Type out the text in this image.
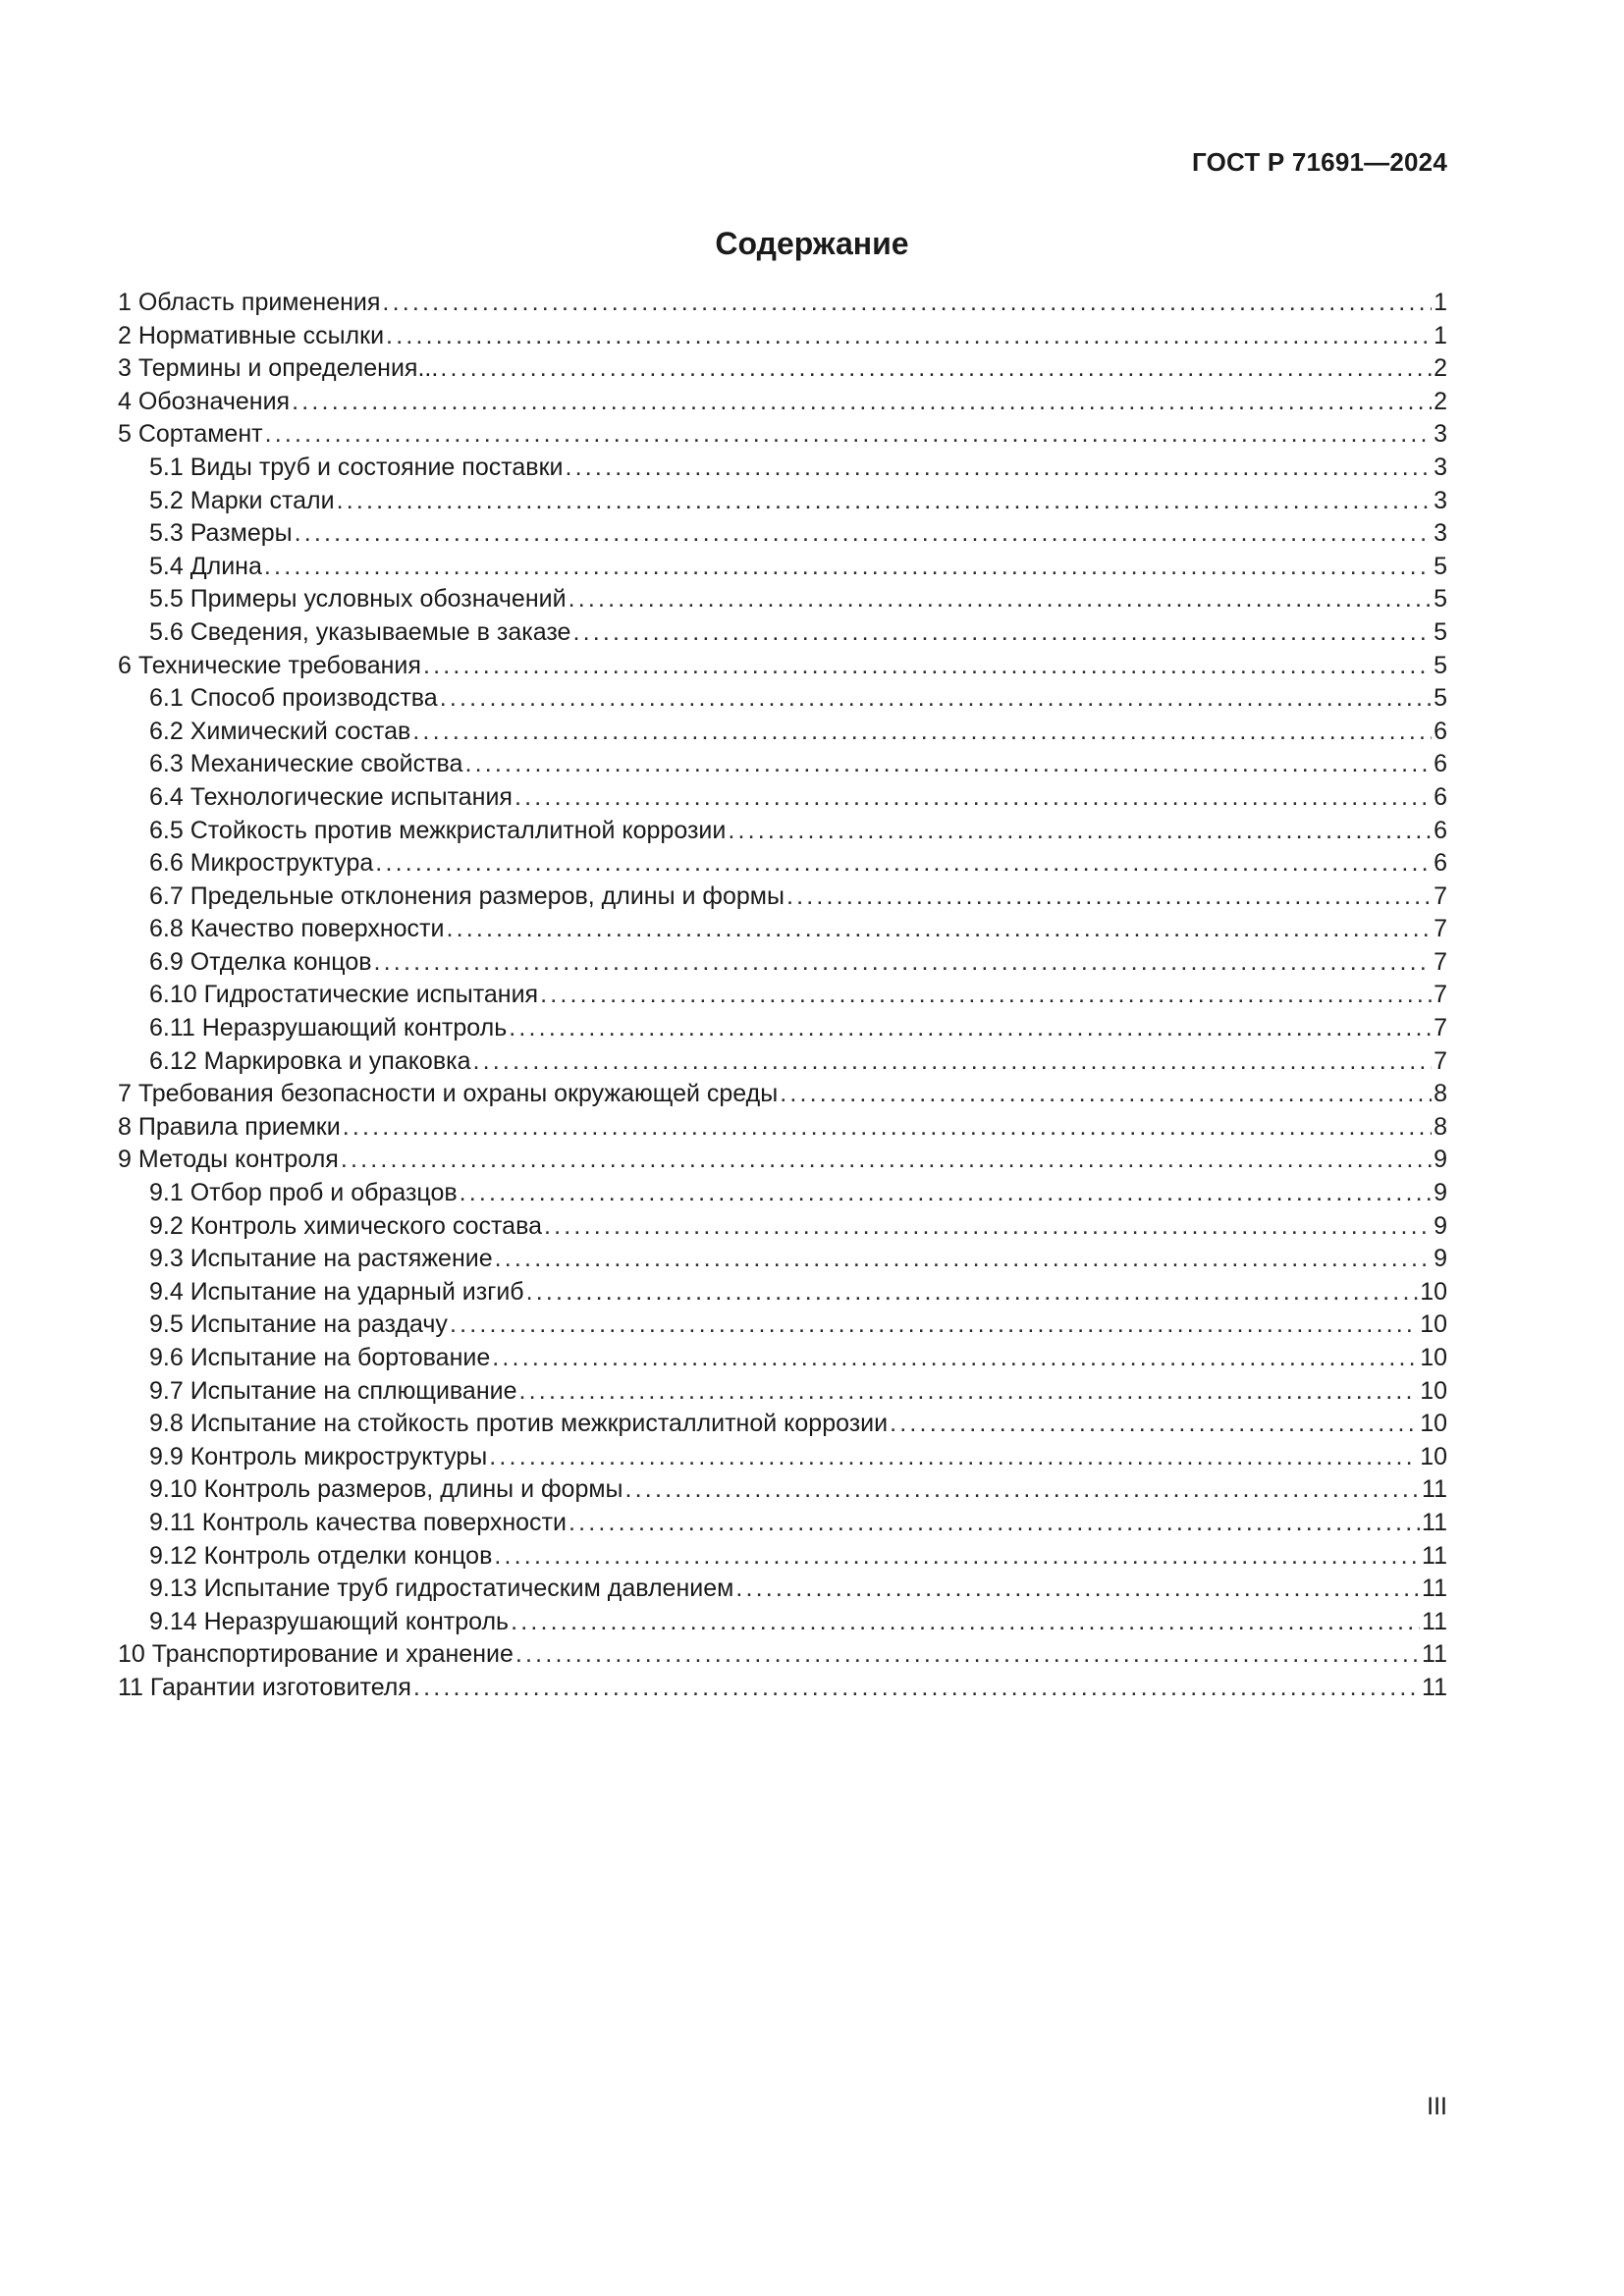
ГОСТ Р 71691—2024
Содержание
1 Область применения .....	1
2 Нормативные ссылки .....	1
3 Термины и определения... .....	2
4 Обозначения .....	2
5 Сортамент .....	3
5.1 Виды труб и состояние поставки .....	3
5.2 Марки стали .....	3
5.3 Размеры .....	3
5.4 Длина .....	5
5.5 Примеры условных обозначений .....	5
5.6 Сведения, указываемые в заказе .....	5
6 Технические требования .....	5
6.1 Способ производства .....	5
6.2 Химический состав .....	6
6.3 Механические свойства .....	6
6.4 Технологические испытания .....	6
6.5 Стойкость против межкристаллитной коррозии .....	6
6.6 Микроструктура .....	6
6.7 Предельные отклонения размеров, длины и формы .....	7
6.8 Качество поверхности .....	7
6.9 Отделка концов .....	7
6.10 Гидростатические испытания .....	7
6.11 Неразрушающий контроль .....	7
6.12 Маркировка и упаковка .....	7
7 Требования безопасности и охраны окружающей среды .....	8
8 Правила приемки .....	8
9 Методы контроля .....	9
9.1 Отбор проб и образцов .....	9
9.2 Контроль химического состава .....	9
9.3 Испытание на растяжение .....	9
9.4 Испытание на ударный изгиб .....	10
9.5 Испытание на раздачу .....	10
9.6 Испытание на бортование .....	10
9.7 Испытание на сплющивание .....	10
9.8 Испытание на стойкость против межкристаллитной коррозии .....	10
9.9 Контроль микроструктуры .....	10
9.10 Контроль размеров, длины и формы .....	11
9.11 Контроль качества поверхности .....	11
9.12 Контроль отделки концов .....	11
9.13 Испытание труб гидростатическим давлением .....	11
9.14 Неразрушающий контроль .....	11
10 Транспортирование и хранение .....	11
11 Гарантии изготовителя .....	11
III
